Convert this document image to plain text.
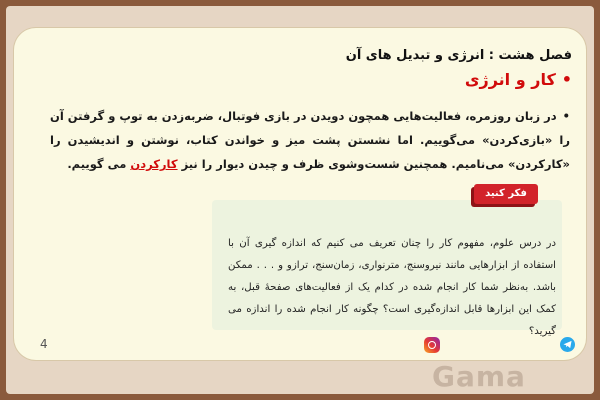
فصل هشت : انرژی و تبدیل های آن
•کار و انرژی
•در زبان روزمره، فعالیت‌هایی همچون دویدن در بازی فوتبال، ضربه‌زدن به توپ و گرفتن آن را «بازی‌کردن» می‌گوییم. اما نشستن پشت میز و خواندن کتاب، نوشتن و اندیشیدن را «کارکردن» می‌نامیم. همچنین شست‌وشوی ظرف و چیدن دیوار را نیز کارکردن می گوییم.
فکر کنید
در درس علوم، مفهوم کار را چنان تعریف می کنیم که اندازه گیری آن با استفاده از ابزارهایی مانند نیروسنج، مترنواری، زمان‌سنج، ترازو و . . . ممکن باشد. به‌نظر شما کار انجام شده در کدام یک از فعالیت‌های صفحهٔ قبل، به کمک این ابزارها قابل اندازه‌گیری است؟ چگونه کار انجام شده را اندازه می گیرید؟
4
Gama
